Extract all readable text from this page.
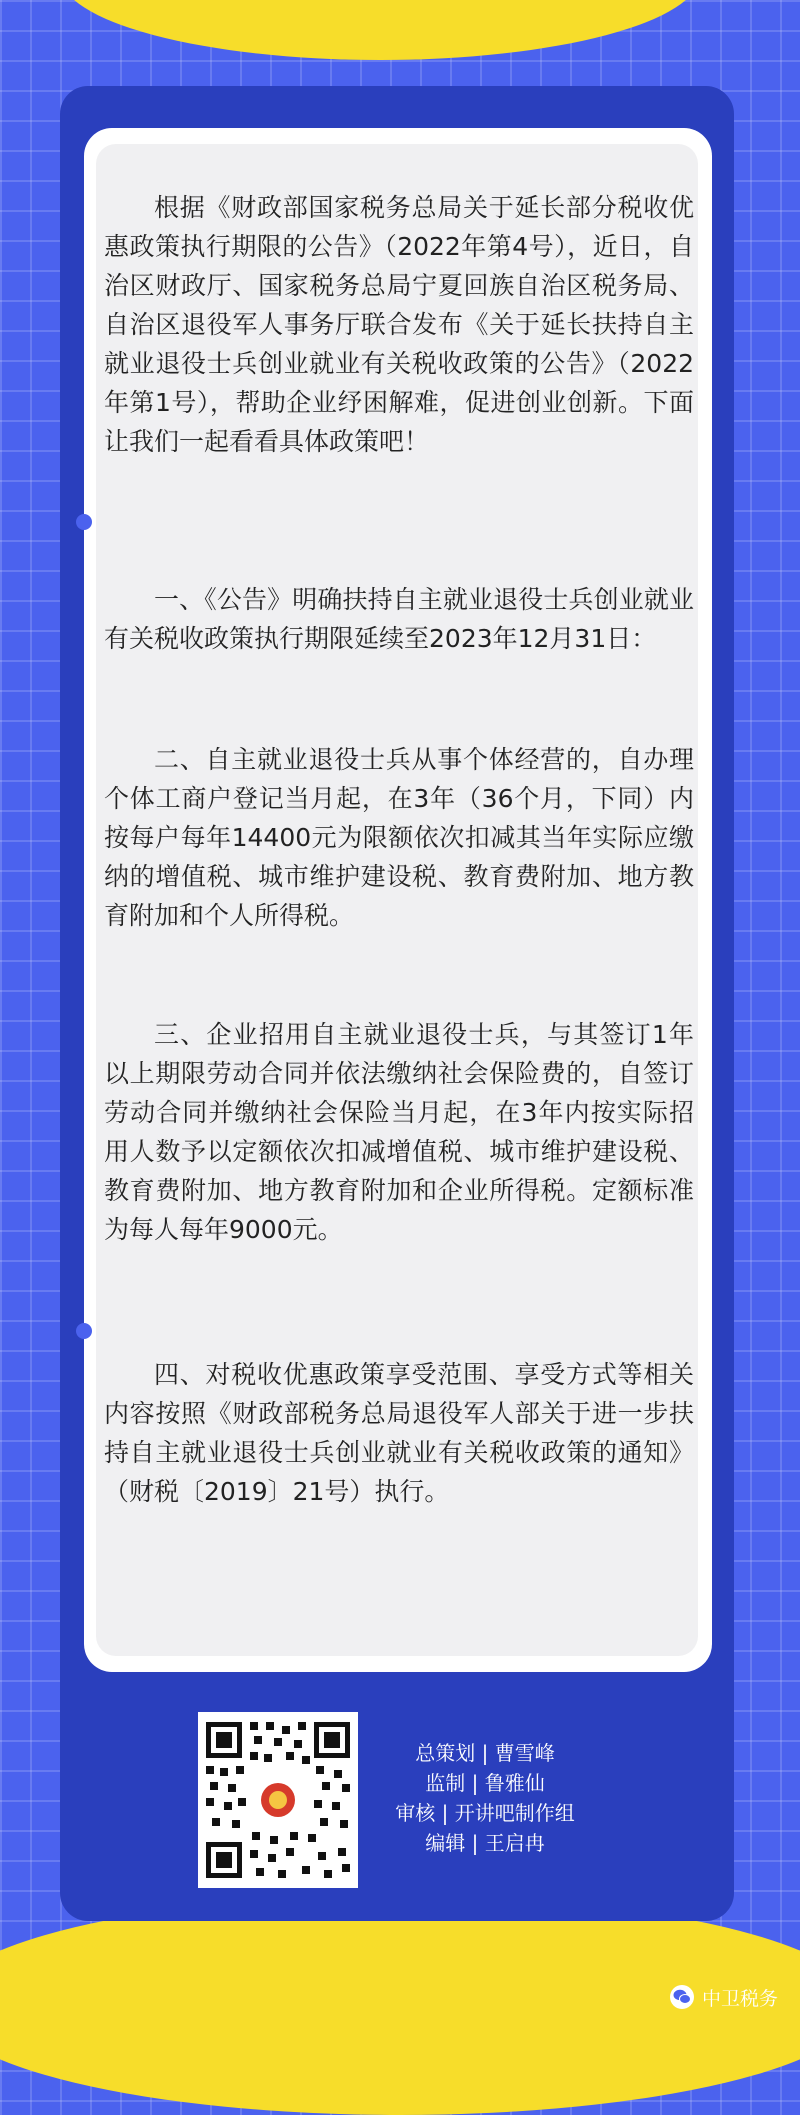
根据《财政部国家税务总局关于延长部分税收优惠政策执行期限的公告》（2022年第4号），近日，自治区财政厅、国家税务总局宁夏回族自治区税务局、自治区退役军人事务厅联合发布《关于延长扶持自主就业退役士兵创业就业有关税收政策的公告》（2022年第1号），帮助企业纾困解难，促进创业创新。下面让我们一起看看具体政策吧！

一、《公告》明确扶持自主就业退役士兵创业就业有关税收政策执行期限延续至2023年12月31日：

二、自主就业退役士兵从事个体经营的，自办理个体工商户登记当月起，在3年（36个月，下同）内按每户每年14400元为限额依次扣减其当年实际应缴纳的增值税、城市维护建设税、教育费附加、地方教育附加和个人所得税。

三、企业招用自主就业退役士兵，与其签订1年以上期限劳动合同并依法缴纳社会保险费的，自签订劳动合同并缴纳社会保险当月起，在3年内按实际招用人数予以定额依次扣减增值税、城市维护建设税、教育费附加、地方教育附加和企业所得税。定额标准为每人每年9000元。

四、对税收优惠政策享受范围、享受方式等相关内容按照《财政部税务总局退役军人部关于进一步扶持自主就业退役士兵创业就业有关税收政策的通知》（财税〔2019〕21号）执行。

总策划 | 曹雪峰
监制 | 鲁雅仙
审核 | 开讲吧制作组
编辑 | 王启冉
中卫税务
